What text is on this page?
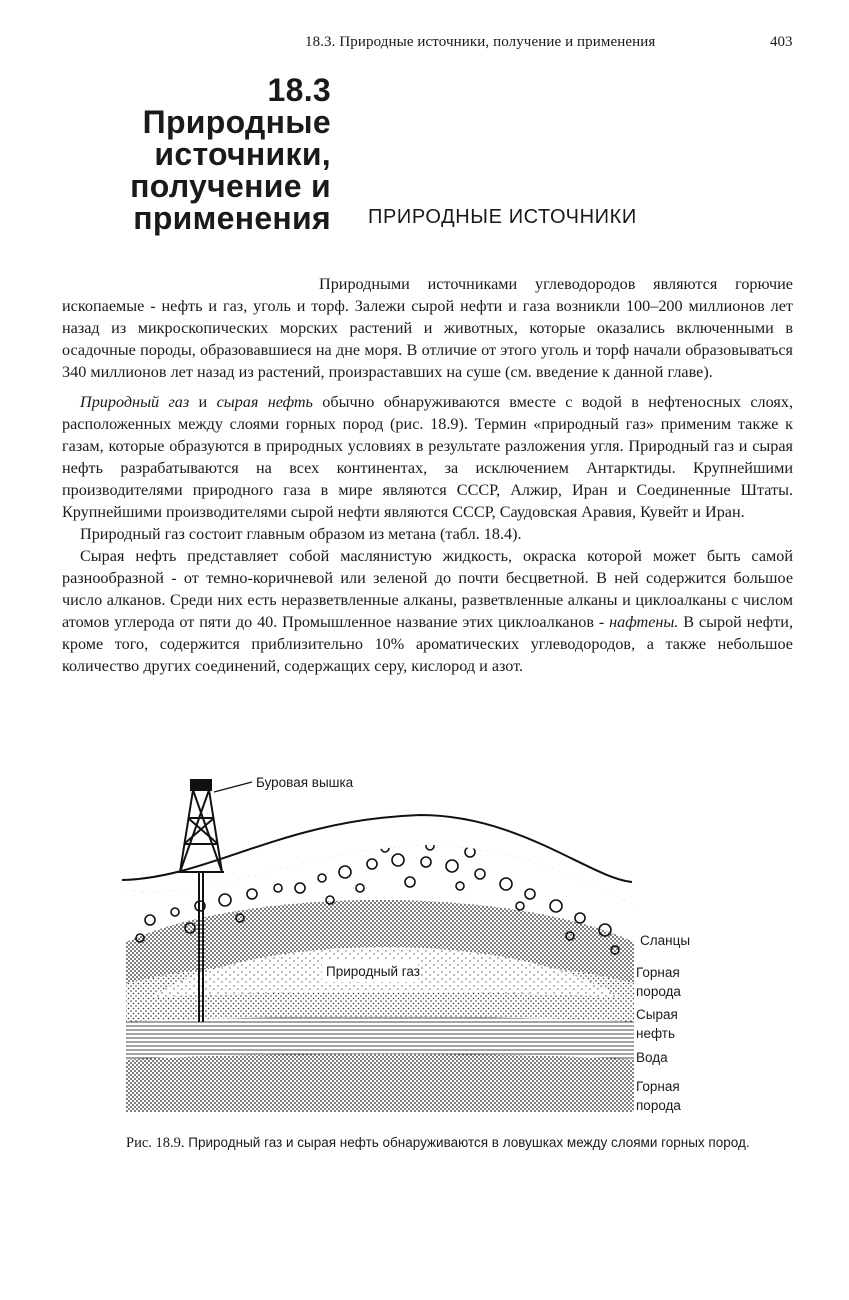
18.3. Природные источники, получение и применения	403
18.3
Природные
источники,
получение и
применения ПРИРОДНЫЕ ИСТОЧНИКИ

Природными источниками углеводородов являются горючие ископаемые - нефть и газ, уголь и торф. Залежи сырой нефти и газа возникли 100–200 миллионов лет назад из микроскопических морских растений и животных, которые оказались включенными в осадочные породы, образовавшиеся на дне моря. В отличие от этого уголь и торф начали образовываться 340 миллионов лет назад из растений, произраставших на суше (см. введение к данной главе).

Природный газ и сырая нефть обычно обнаруживаются вместе с водой в нефтеносных слоях, расположенных между слоями горных пород (рис. 18.9). Термин «природный газ» применим также к газам, которые образуются в природных условиях в результате разложения угля. Природный газ и сырая нефть разрабатываются на всех континентах, за исключением Антарктиды. Крупнейшими производителями природного газа в мире являются СССР, Алжир, Иран и Соединенные Штаты. Крупнейшими производителями сырой нефти являются СССР, Саудовская Аравия, Кувейт и Иран.

Природный газ состоит главным образом из метана (табл. 18.4).

Сырая нефть представляет собой маслянистую жидкость, окраска которой может быть самой разнообразной - от темно-коричневой или зеленой до почти бесцветной. В ней содержится большое число алканов. Среди них есть неразветвленные алканы, разветвленные алканы и циклоалканы с числом атомов углерода от пяти до 40. Промышленное название этих циклоалканов - нафтены. В сырой нефти, кроме того, содержится приблизительно 10% ароматических углеводородов, а также небольшое количество других соединений, содержащих серу, кислород и азот.

Буровая вышка
Природный газ
Сланцы
Горная
порода
Сырая
нефть
Вода
Горная
порода
Рис. 18.9. Природный газ и сырая нефть обнаруживаются в ловушках между слоями горных пород.
